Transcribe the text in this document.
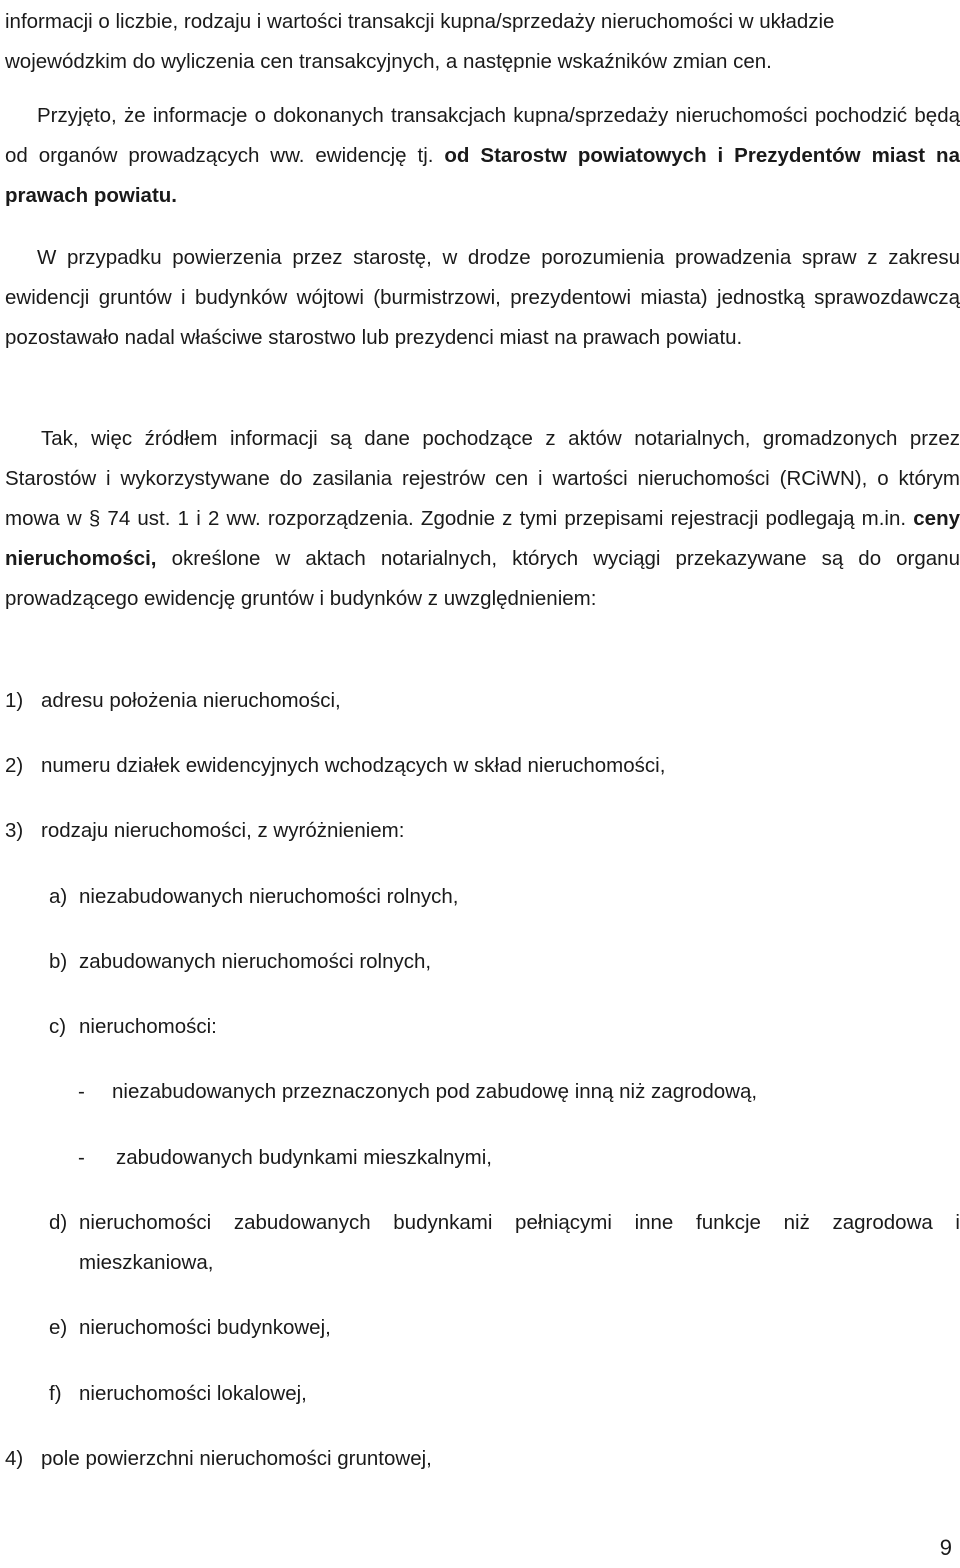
informacji o liczbie, rodzaju i wartości transakcji kupna/sprzedaży nieruchomości w układzie
wojewódzkim do wyliczenia cen transakcyjnych, a następnie wskaźników zmian cen.

Przyjęto, że informacje o dokonanych transakcjach kupna/sprzedaży nieruchomości pochodzić będą od organów prowadzących ww. ewidencję tj. od Starostw powiatowych i Prezydentów miast na prawach powiatu.

W przypadku powierzenia przez starostę, w drodze porozumienia prowadzenia spraw z zakresu ewidencji gruntów i budynków wójtowi (burmistrzowi, prezydentowi miasta) jednostką sprawozdawczą pozostawało nadal właściwe starostwo lub prezydenci miast na prawach powiatu.

Tak, więc źródłem informacji są dane pochodzące z aktów notarialnych, gromadzonych przez Starostów i wykorzystywane do zasilania rejestrów cen i wartości nieruchomości (RCiWN), o którym mowa w § 74 ust. 1 i 2 ww. rozporządzenia. Zgodnie z tymi przepisami rejestracji podlegają m.in. ceny nieruchomości, określone w aktach notarialnych, których wyciągi przekazywane są do organu prowadzącego ewidencję gruntów i budynków z uwzględnieniem:

1) adresu położenia nieruchomości,

2) numeru działek ewidencyjnych wchodzących w skład nieruchomości,

3) rodzaju nieruchomości, z wyróżnieniem:

a) niezabudowanych nieruchomości rolnych,

b) zabudowanych nieruchomości rolnych,

c) nieruchomości:

- niezabudowanych przeznaczonych pod zabudowę inną niż zagrodową,

- zabudowanych budynkami mieszkalnymi,

d) nieruchomości zabudowanych budynkami pełniącymi inne funkcje niż zagrodowa i mieszkaniowa,

e) nieruchomości budynkowej,

f) nieruchomości lokalowej,

4) pole powierzchni nieruchomości gruntowej,

9
